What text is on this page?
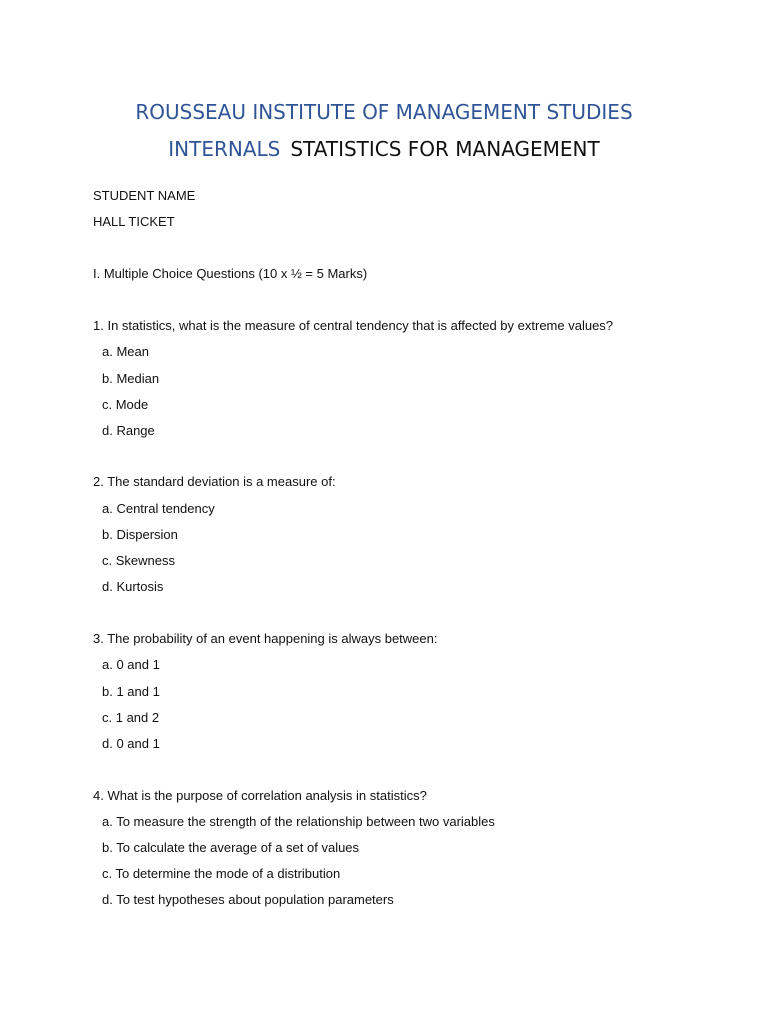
ROUSSEAU INSTITUTE OF MANAGEMENT STUDIES
INTERNALS STATISTICS FOR MANAGEMENT
STUDENT NAME
HALL TICKET
I. Multiple Choice Questions (10 x ½ = 5 Marks)
1. In statistics, what is the measure of central tendency that is affected by extreme values?
a. Mean
b. Median
c. Mode
d. Range
2. The standard deviation is a measure of:
a. Central tendency
b. Dispersion
c. Skewness
d. Kurtosis
3. The probability of an event happening is always between:
a. 0 and 1
b. 1 and 1
c. 1 and 2
d. 0 and 1
4. What is the purpose of correlation analysis in statistics?
a. To measure the strength of the relationship between two variables
b. To calculate the average of a set of values
c. To determine the mode of a distribution
d. To test hypotheses about population parameters
